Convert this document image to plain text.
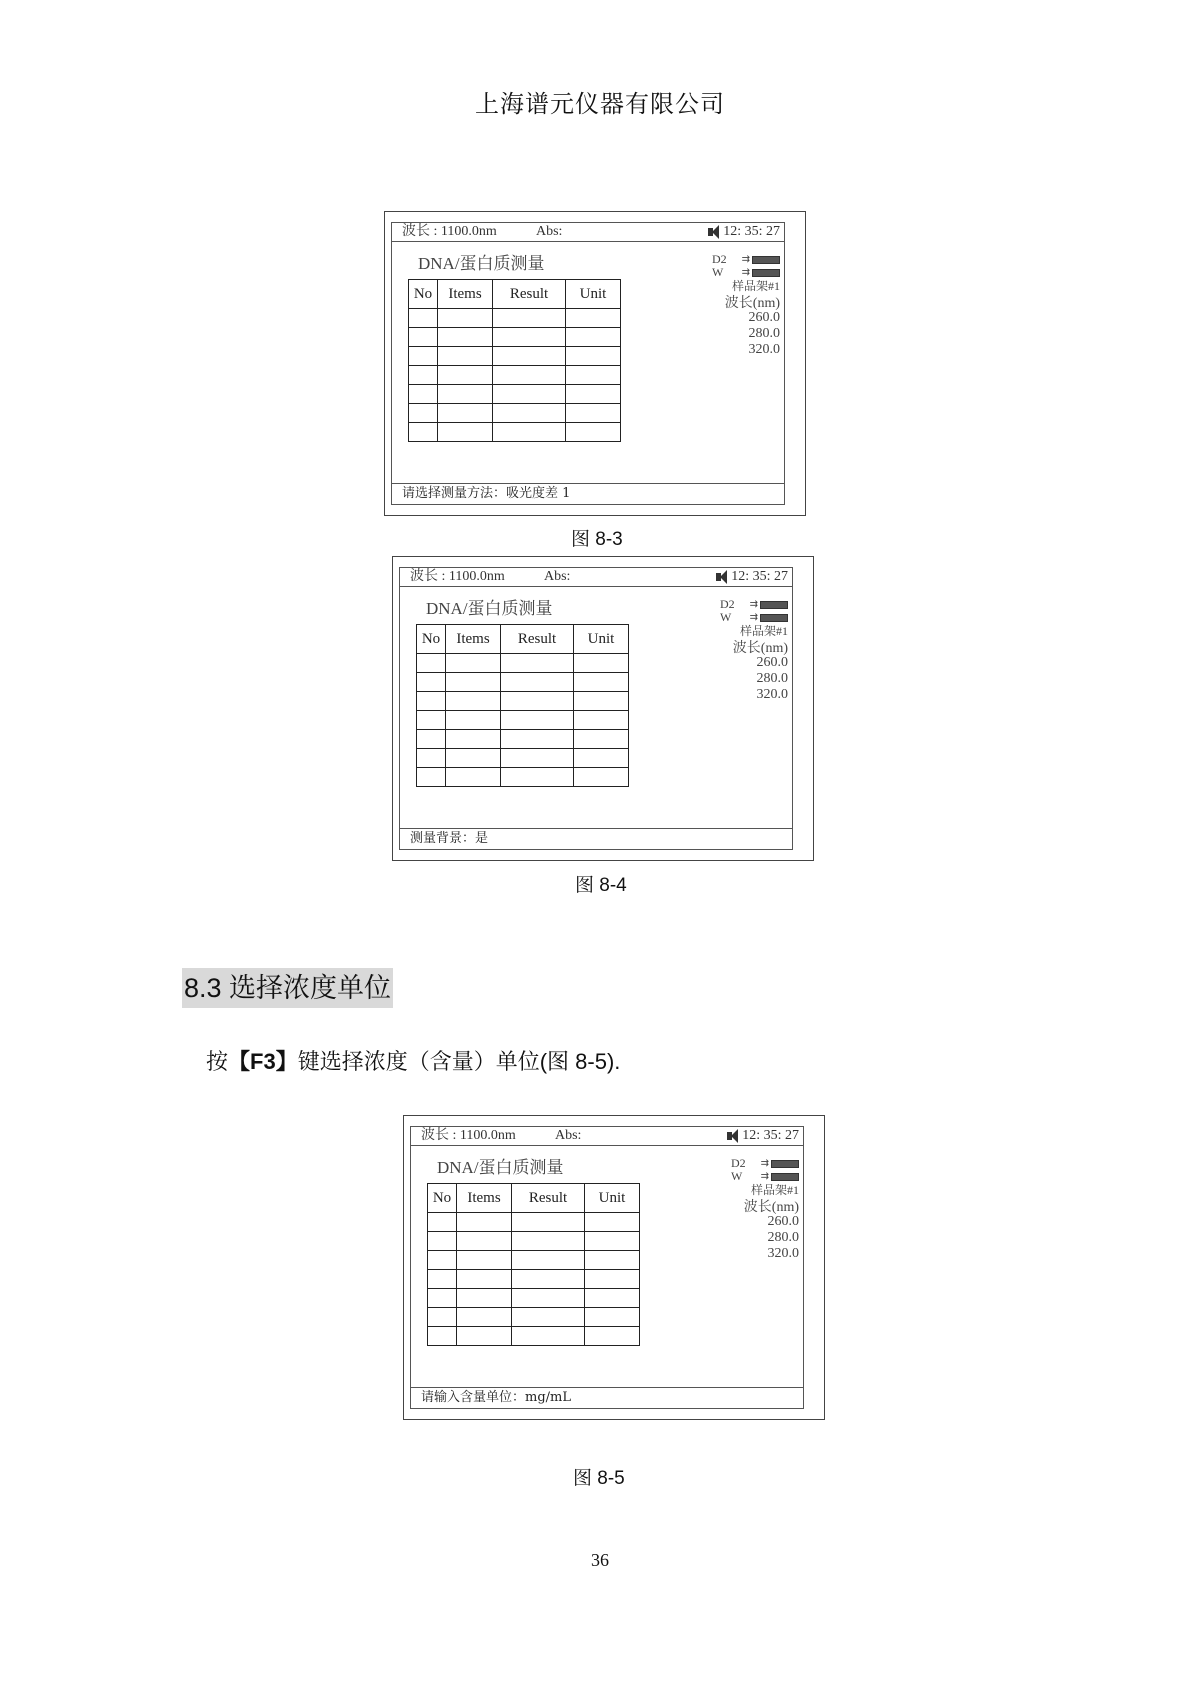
上海谱元仪器有限公司
波长 : 1100.0nm	Abs:	12: 35: 27
DNA/蛋白质测量	D2 ⇉
W ⇉
样品架#1
波长(nm)
260.0
280.0
320.0
No	Items	Result	Unit

请选择测量方法：吸光度差 1
图 8-3
波长 : 1100.0nm	Abs:	12: 35: 27
DNA/蛋白质测量	D2 ⇉
W ⇉
样品架#1
波长(nm)
260.0
280.0
320.0
No	Items	Result	Unit

测量背景：是
图 8-4
8.3 选择浓度单位
按【F3】键选择浓度（含量）单位(图 8-5).
波长 : 1100.0nm	Abs:	12: 35: 27
DNA/蛋白质测量	D2 ⇉
W ⇉
样品架#1
波长(nm)
260.0
280.0
320.0
No	Items	Result	Unit

请输入含量单位：mg/mL
图 8-5
36
